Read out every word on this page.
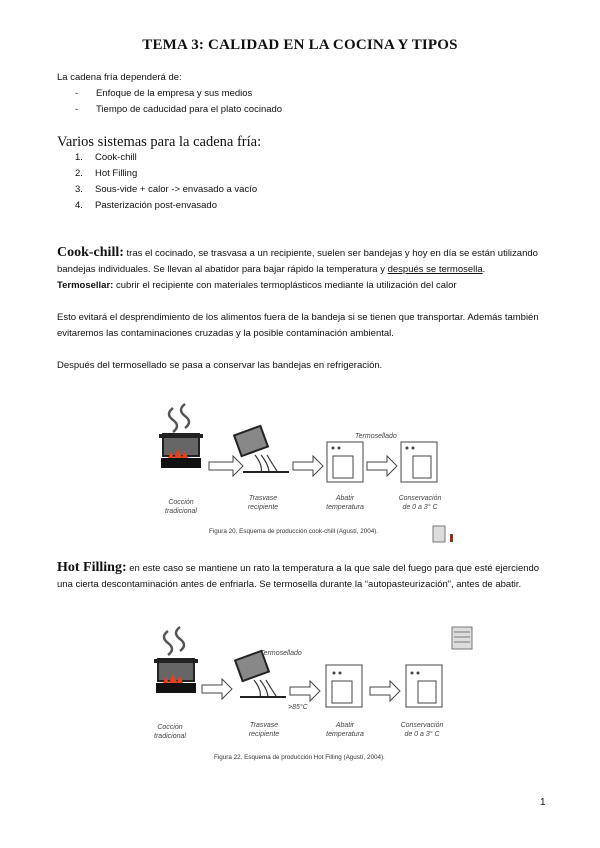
TEMA 3: CALIDAD EN LA COCINA Y TIPOS

La cadena fría dependerá de:

- Enfoque de la empresa y sus medios
- Tiempo de caducidad para el plato cocinado
Varios sistemas para la cadena fría:
1. Cook-chill
2. Hot Filling
3. Sous-vide + calor -> envasado a vacío
4. Pasterización post-envasado

Cook-chill: tras el cocinado, se trasvasa a un recipiente, suelen ser bandejas y hoy en día se están utilizando bandejas individuales. Se llevan al abatidor para bajar rápido la temperatura y después se termosella.

Termosellar: cubrir el recipiente con materiales termoplásticos mediante la utilización del calor

Esto evitará el desprendimiento de los alimentos fuera de la bandeja si se tienen que transportar. Además también evitaremos las contaminaciones cruzadas y la posible contaminación ambiental.

Después del termosellado se pasa a conservar las bandejas en refrigeración.

Termosellado
Cocción tradicional
Trasvase recipiente
Abatir temperatura
Conservación de 0 a 3° C
Figura 20. Esquema de producción cook-chill (Agustí, 2004).

Hot Filling: en este caso se mantiene un rato la temperatura a la que sale del fuego para que esté ejerciendo una cierta descontaminación antes de enfriarla. Se termosella durante la “autopasteurización”, antes de abatir.

Termosellado
>85°C
Cocción tradicional
Trasvase recipiente
Abatir temperatura
Conservación de 0 a 3° C
Figura 22. Esquema de producción Hot Filling (Agustí, 2004).
1
